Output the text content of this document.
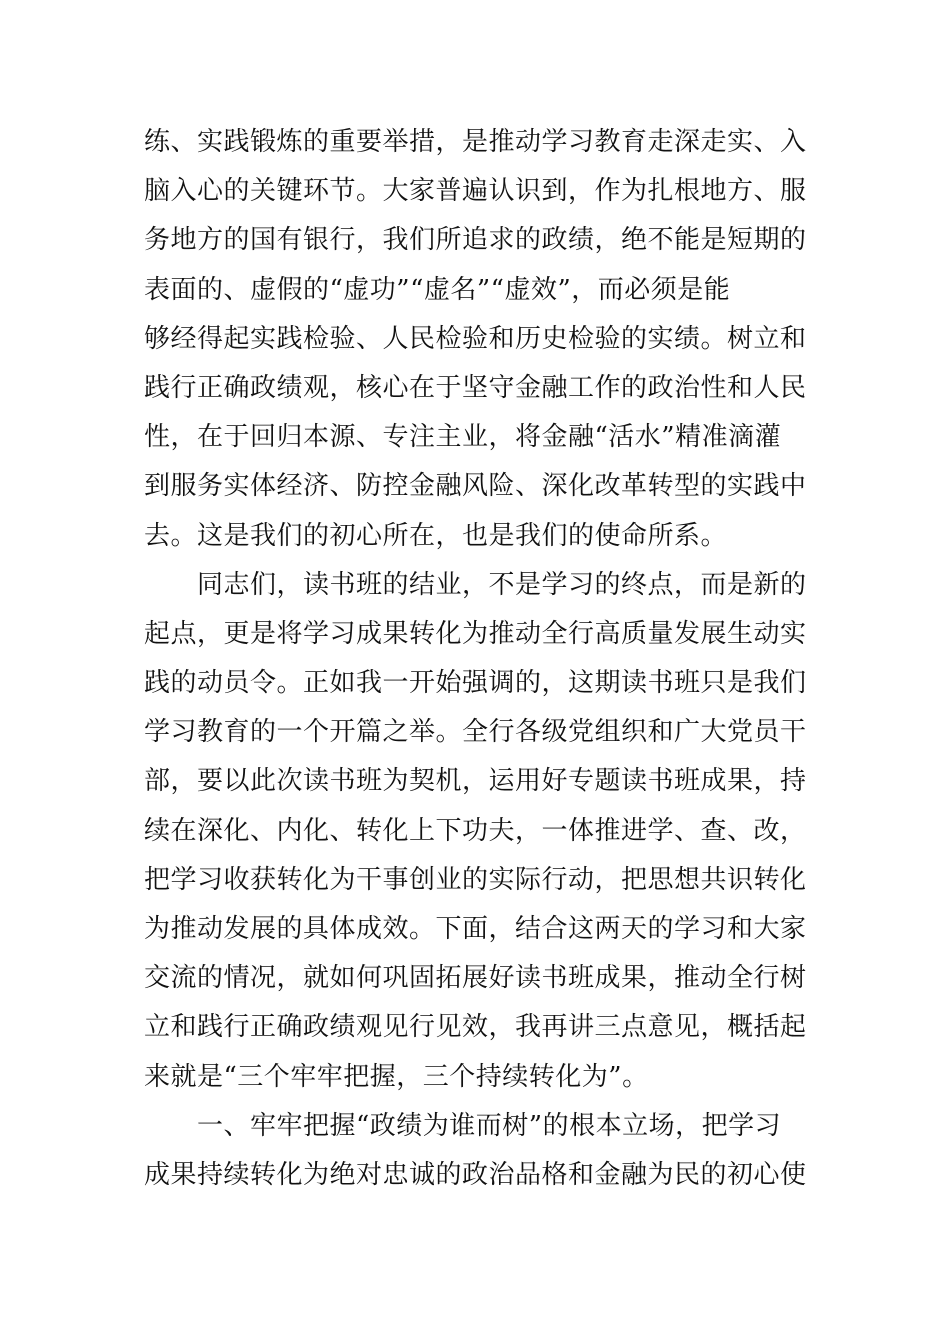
练、实践锻炼的重要举措，是推动学习教育走深走实、入
脑入心的关键环节。大家普遍认识到，作为扎根地方、服
务地方的国有银行，我们所追求的政绩，绝不能是短期的
表面的、虚假的“虚功”“虚名”“虚效”，而必须是能
够经得起实践检验、人民检验和历史检验的实绩。树立和
践行正确政绩观，核心在于坚守金融工作的政治性和人民
性，在于回归本源、专注主业，将金融“活水”精准滴灌
到服务实体经济、防控金融风险、深化改革转型的实践中
去。这是我们的初心所在，也是我们的使命所系。
　　同志们，读书班的结业，不是学习的终点，而是新的
起点，更是将学习成果转化为推动全行高质量发展生动实
践的动员令。正如我一开始强调的，这期读书班只是我们
学习教育的一个开篇之举。全行各级党组织和广大党员干
部，要以此次读书班为契机，运用好专题读书班成果，持
续在深化、内化、转化上下功夫，一体推进学、查、改，
把学习收获转化为干事创业的实际行动，把思想共识转化
为推动发展的具体成效。下面，结合这两天的学习和大家
交流的情况，就如何巩固拓展好读书班成果，推动全行树
立和践行正确政绩观见行见效，我再讲三点意见，概括起
来就是“三个牢牢把握，三个持续转化为”。
　　一、牢牢把握“政绩为谁而树”的根本立场，把学习
成果持续转化为绝对忠诚的政治品格和金融为民的初心使
